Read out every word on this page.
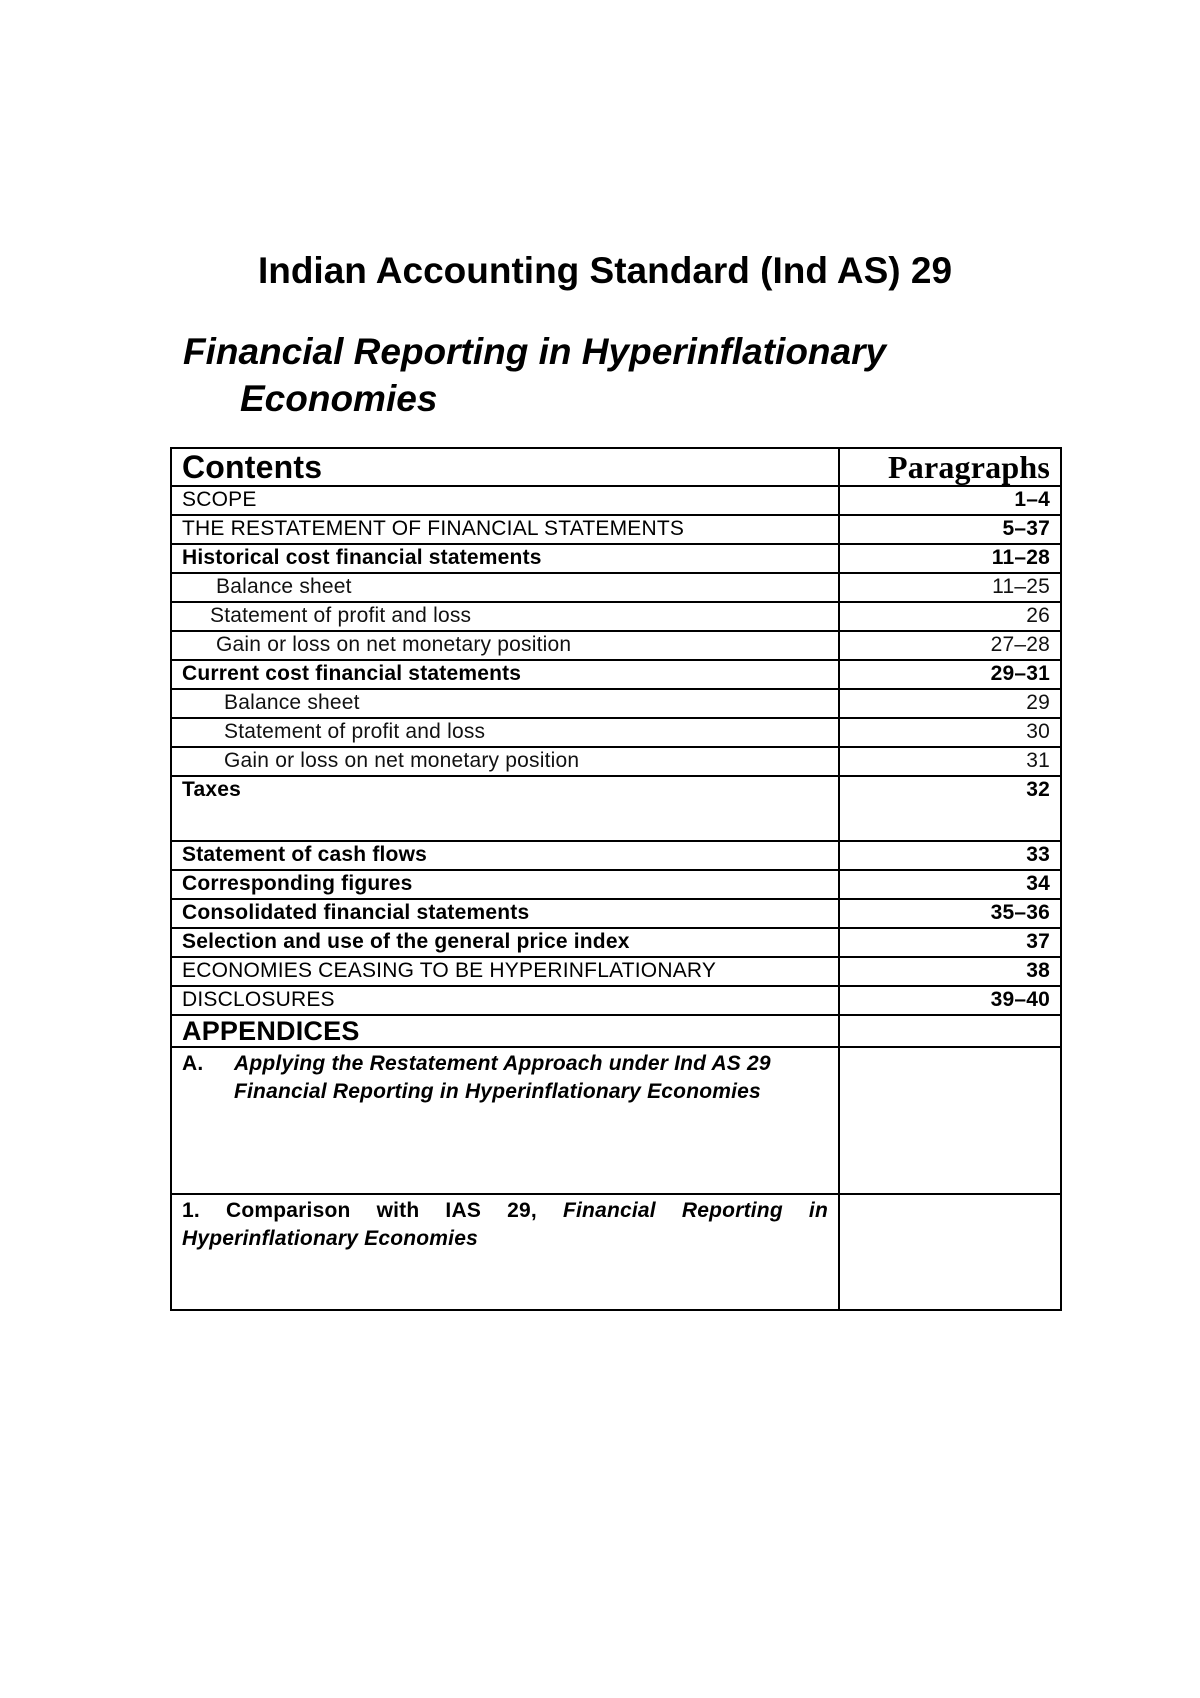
Indian Accounting Standard (Ind AS) 29
Financial Reporting in Hyperinflationary
Economies
Contents	Paragraphs
SCOPE	1–4
THE RESTATEMENT OF FINANCIAL STATEMENTS	5–37
Historical cost financial statements	11–28
Balance sheet	11–25
Statement of profit and loss	26
Gain or loss on net monetary position	27–28
Current cost financial statements	29–31
Balance sheet	29
Statement of profit and loss	30
Gain or loss on net monetary position	31
Taxes	32
Statement of cash flows	33
Corresponding figures	34
Consolidated financial statements	35–36
Selection and use of the general price index	37
ECONOMIES CEASING TO BE HYPERINFLATIONARY	38
DISCLOSURES	39–40
APPENDICES	

A. Applying the Restatement Approach under Ind AS 29 Financial Reporting in Hyperinflationary Economies	

1. Comparison with IAS 29, Financial Reporting in Hyperinflationary Economies	
